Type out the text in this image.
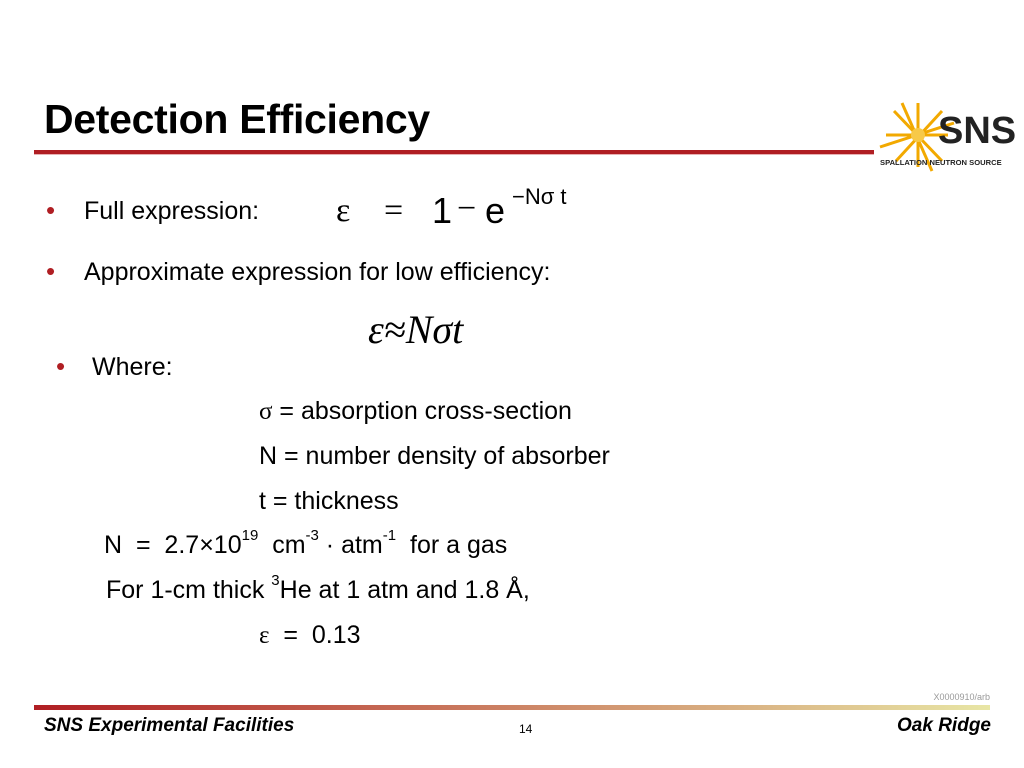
Detection Efficiency	SNS
SPALLATION NEUTRON SOURCE
• Full expression: ε = 1 − e −Nσ t
• Approximate expression for low efficiency:
ε≈Nσt
• Where:
σ = absorption cross-section
N = number density of absorber
t = thickness
$N = 2.7\times 10^{19}$  $cm^{-3} \cdot atm^{-1}$  for a gas
For 1-cm thick $^3$He at 1 atm and 1.8 Å,
ε  =  0.13
X0000910/arb
SNS Experimental Facilities	14	Oak Ridge
